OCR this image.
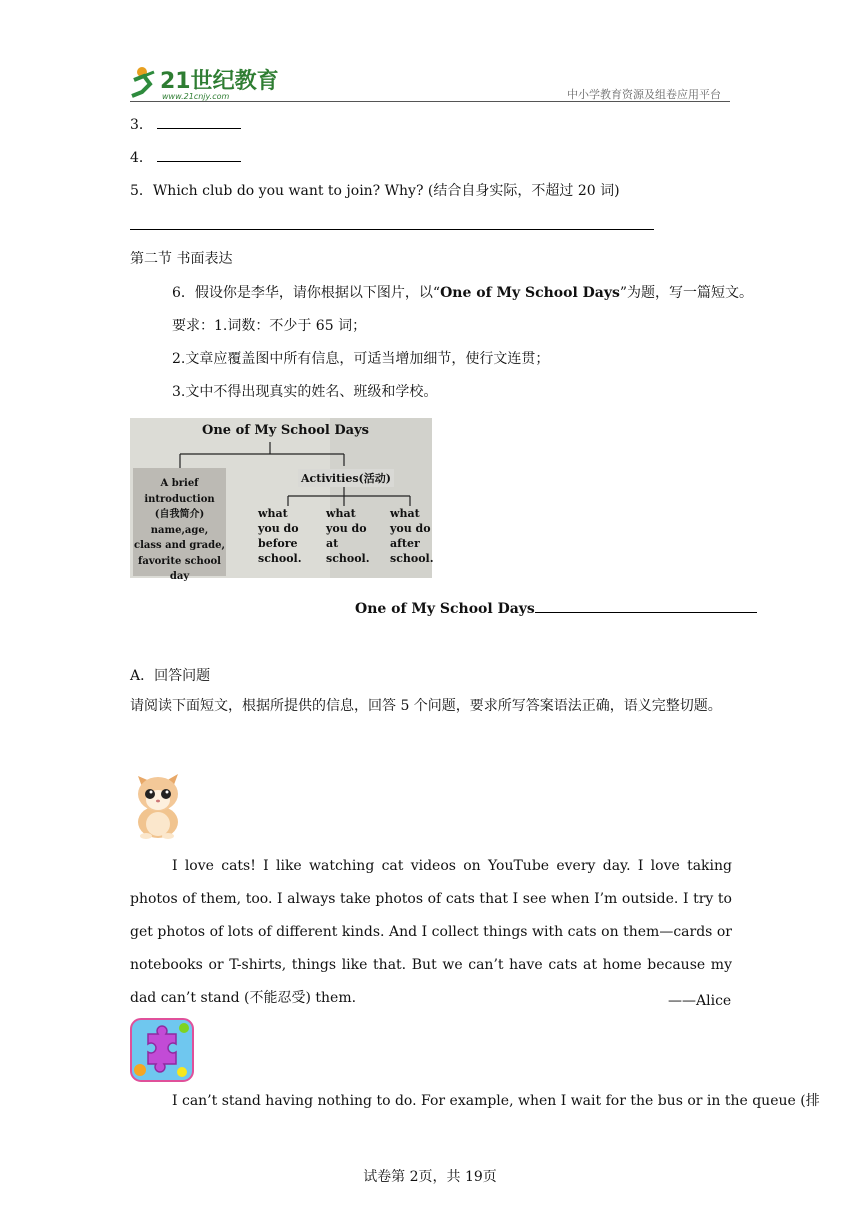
21世纪教育
www.21cnjy.com	中小学教育资源及组卷应用平台
3．
4．
5．Which club do you want to join? Why? (结合自身实际，不超过 20 词)
第二节 书面表达
6．假设你是李华，请你根据以下图片，以“One of My School Days”为题，写一篇短文。
要求：1.词数：不少于 65 词；
2.文章应覆盖图中所有信息，可适当增加细节，使行文连贯；
3.文中不得出现真实的姓名、班级和学校。
One of My School Days
Activities(活动)
A brief
introduction
(自我简介)
name,age,
class and grade,
favorite school day
what
you do
before
school.
what
you do
at
school.
what
you do
after
school.
One of My School Days
A．回答问题
请阅读下面短文，根据所提供的信息，回答 5 个问题，要求所写答案语法正确，语义完整切题。
I love cats! I like watching cat videos on YouTube every day. I love taking photos of them, too. I always take photos of cats that I see when I’m outside. I try to get photos of lots of different kinds. And I collect things with cats on them—cards or notebooks or T-shirts, things like that. But we can’t have cats at home because my dad can’t stand (不能忍受) them.	——Alice
I can’t stand having nothing to do. For example, when I wait for the bus or in the queue (排
试卷第 2页，共 19页
